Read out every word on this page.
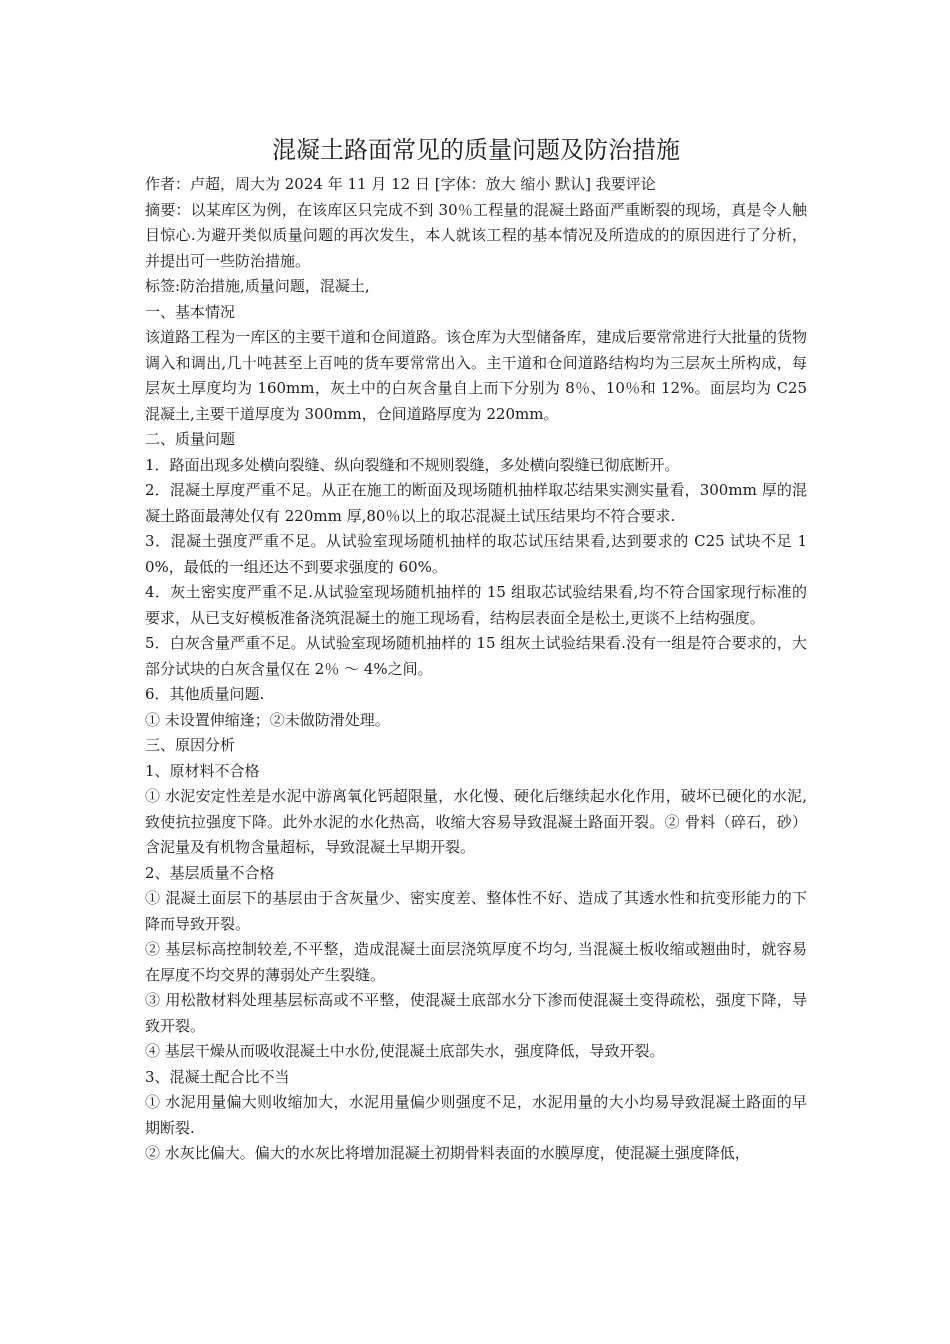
混凝土路面常见的质量问题及防治措施

作者：卢超，周大为 2024 年 11 月 12 日 [字体：放大 缩小 默认] 我要评论

摘要：以某库区为例，在该库区只完成不到 30％工程量的混凝土路面严重断裂的现场，真是令人触目惊心.为避开类似质量问题的再次发生，本人就该工程的基本情况及所造成的的原因进行了分析，并提出可一些防治措施。

标签:防治措施,质量问题，混凝土,

一、基本情况

该道路工程为一库区的主要干道和仓间道路。该仓库为大型储备库，建成后要常常进行大批量的货物调入和调出,几十吨甚至上百吨的货车要常常出入。主干道和仓间道路结构均为三层灰土所构成，每层灰土厚度均为 160mm，灰土中的白灰含量自上而下分别为 8％、10％和 12%。面层均为 C25 混凝土,主要干道厚度为 300mm，仓间道路厚度为 220mm。

二、质量问题

1．路面出现多处横向裂缝、纵向裂缝和不规则裂缝，多处横向裂缝已彻底断开。

2．混凝土厚度严重不足。从正在施工的断面及现场随机抽样取芯结果实测实量看，300mm 厚的混凝土路面最薄处仅有 220mm 厚,80％以上的取芯混凝土试压结果均不符合要求.

3．混凝土强度严重不足。从试验室现场随机抽样的取芯试压结果看,达到要求的 C25 试块不足 10%，最低的一组还达不到要求强度的 60%。

4．灰土密实度严重不足.从试验室现场随机抽样的 15 组取芯试验结果看,均不符合国家现行标准的要求，从已支好模板准备浇筑混凝土的施工现场看，结构层表面全是松土,更谈不上结构强度。

5．白灰含量严重不足。从试验室现场随机抽样的 15 组灰土试验结果看.没有一组是符合要求的，大部分试块的白灰含量仅在 2％ ～ 4%之间。

6．其他质量问题.

① 未设置伸缩逢；②未做防滑处理。

三、原因分析

1、原材料不合格

① 水泥安定性差是水泥中游离氧化钙超限量，水化慢、硬化后继续起水化作用，破坏已硬化的水泥,致使抗拉强度下降。此外水泥的水化热高，收缩大容易导致混凝土路面开裂。② 骨料（碎石，砂）含泥量及有机物含量超标，导致混凝土早期开裂。

2、基层质量不合格

① 混凝土面层下的基层由于含灰量少、密实度差、整体性不好、造成了其透水性和抗变形能力的下降而导致开裂。

② 基层标高控制较差,不平整，造成混凝土面层浇筑厚度不均匀, 当混凝土板收缩或翘曲时，就容易在厚度不均交界的薄弱处产生裂缝。

③ 用松散材料处理基层标高或不平整，使混凝土底部水分下渗而使混凝土变得疏松，强度下降，导致开裂。

④ 基层干燥从而吸收混凝土中水份,使混凝土底部失水，强度降低，导致开裂。

3、混凝土配合比不当

① 水泥用量偏大则收缩加大，水泥用量偏少则强度不足，水泥用量的大小均易导致混凝土路面的早期断裂.

② 水灰比偏大。偏大的水灰比将增加混凝土初期骨料表面的水膜厚度，使混凝土强度降低，
